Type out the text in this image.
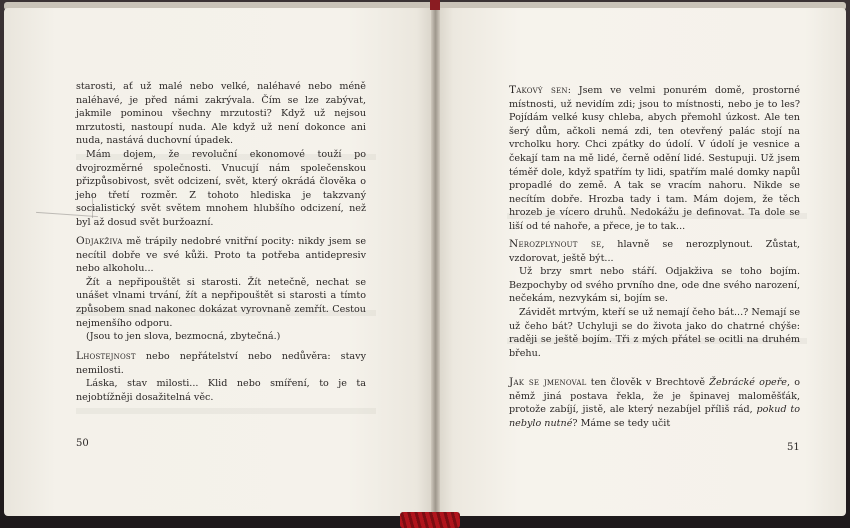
starosti, ať už malé nebo velké, naléhavé nebo méně naléhavé, je před námi zakrývala. Čím se lze zabývat, jakmile pominou všechny mrzutosti? Když už nejsou mrzutosti, nastoupí nuda. Ale když už není dokonce ani nuda, nastává duchovní úpadek.

Mám dojem, že revoluční ekonomové touží po dvojrozměrné společnosti. Vnucují nám společenskou přizpůsobivost, svět odcizení, svět, který okrádá člověka o jeho třetí rozměr. Z tohoto hlediska je takzvaný socialistický svět světem mnohem hlubšího odcizení, než byl až dosud svět buržoazní.

Odjakživa mě trápily nedobré vnitřní pocity: nikdy jsem se necítil dobře ve své kůži. Proto ta potřeba antidepresiv nebo alkoholu...

Žít a nepřipouštět si starosti. Žít netečně, nechat se unášet vlnami trvání, žít a nepřipouštět si starosti a tímto způsobem snad nakonec dokázat vyrovnaně zemřít. Cestou nejmenšího odporu.

(Jsou to jen slova, bezmocná, zbytečná.)

Lhostejnost nebo nepřátelství nebo nedůvěra: stavy nemilosti.

Láska, stav milosti... Klid nebo smíření, to je ta nejobtížněji dosažitelná věc.

50

Takový sen: Jsem ve velmi ponurém domě, prostorné místnosti, už nevidím zdi; jsou to místnosti, nebo je to les? Pojídám velké kusy chleba, abych přemohl úzkost. Ale ten šerý dům, ačkoli nemá zdi, ten otevřený palác stojí na vrcholku hory. Chci zpátky do údolí. V údolí je vesnice a čekají tam na mě lidé, černě odění lidé. Sestupuji. Už jsem téměř dole, když spatřím ty lidi, spatřím malé domky napůl propadlé do země. A tak se vracím nahoru. Nikde se necítím dobře. Hrozba tady i tam. Mám dojem, že těch hrozeb je vícero druhů. Nedokážu je definovat. Ta dole se liší od té nahoře, a přece, je to tak...

Nerozplynout se, hlavně se nerozplynout. Zůstat, vzdorovat, ještě být...

Už brzy smrt nebo stáří. Odjakživa se toho bojím. Bezpochyby od svého prvního dne, ode dne svého narození, nečekám, nezvykám si, bojím se.

Závidět mrtvým, kteří se už nemají čeho bát...? Nemají se už čeho bát? Uchyluji se do života jako do chatrné chýše: raději se ještě bojím. Tři z mých přátel se ocitli na druhém břehu.

Jak se jmenoval ten člověk v Brechtově Žebrácké opeře, o němž jiná postava řekla, že je špinavej maloměšťák, protože zabíjí, jistě, ale který nezabíjel příliš rád, pokud to nebylo nutné? Máme se tedy učit

51
